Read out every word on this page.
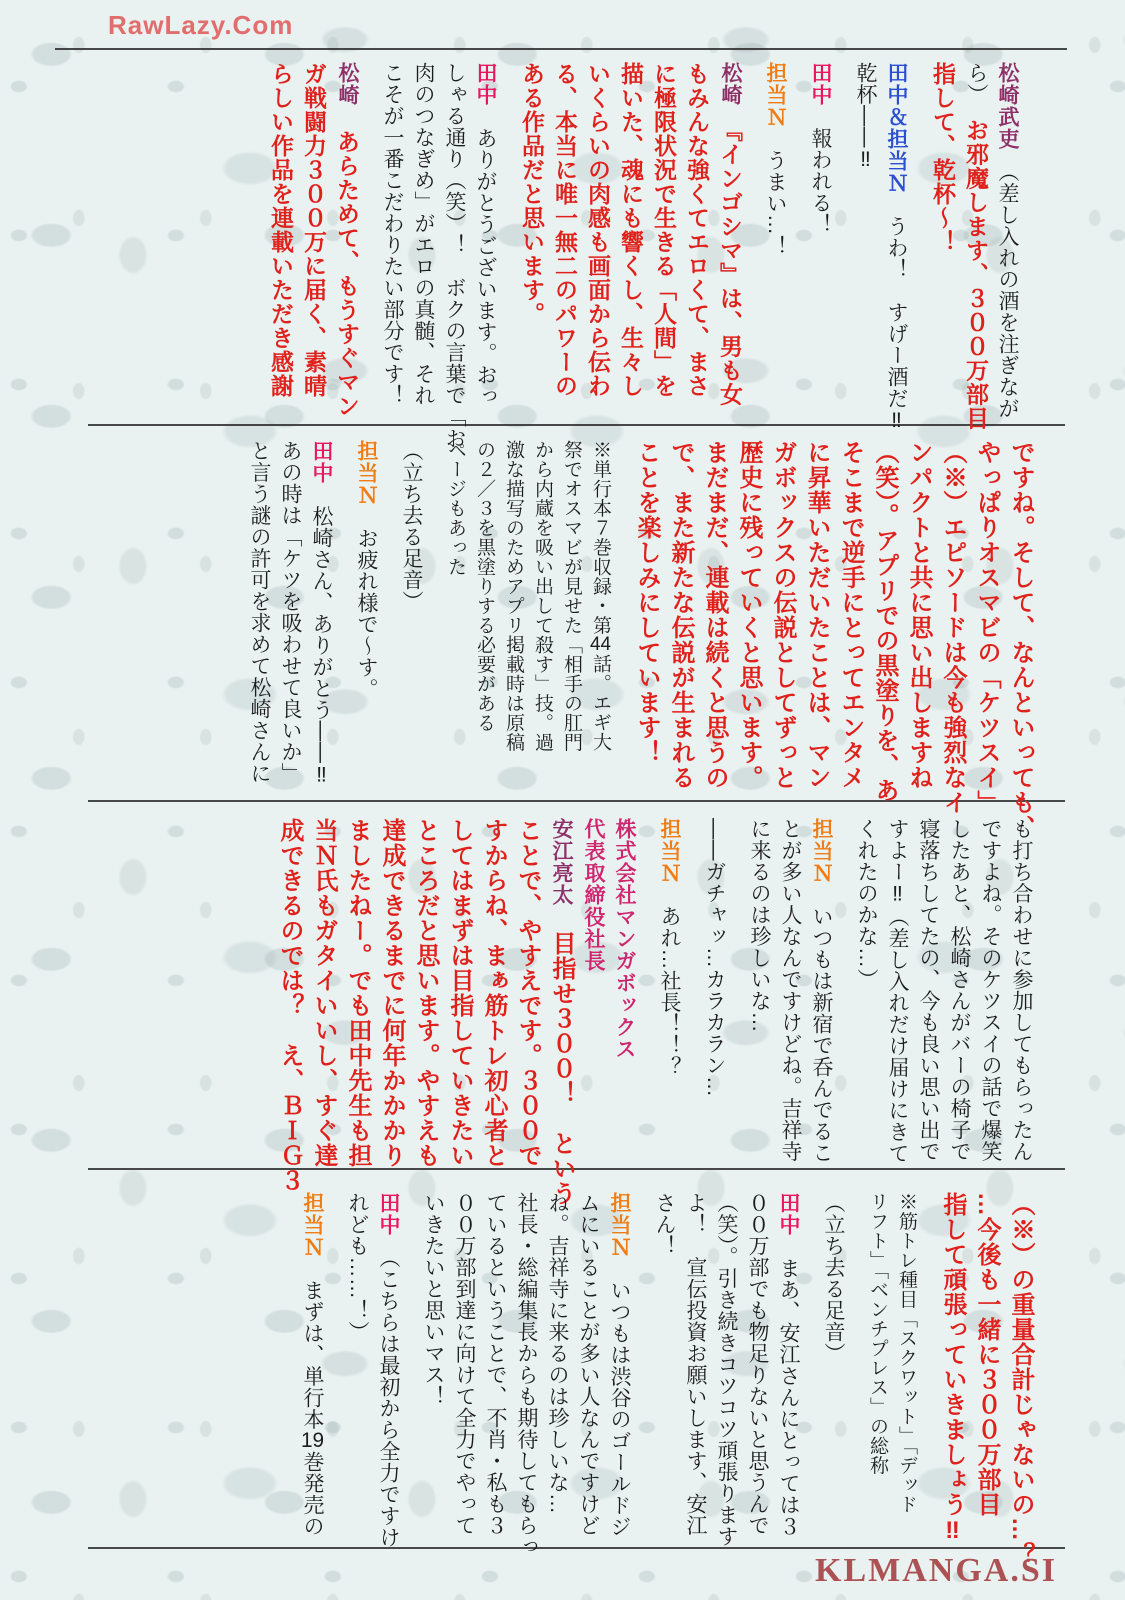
RawLazy.Com
松崎武吏　（差し入れの酒を注ぎなが
ら）　お邪魔します、３００万部目
指して、乾杯～！
田中＆担当Ｎ　うわ！　すげー酒だ‼
乾杯――‼
田中　報われる！
担当Ｎ　うまい…！
松崎　『インゴシマ』は、男も女
もみんな強くてエロくて、まさ
に極限状況で生きる「人間」を
描いた、魂にも響くし、生々し
いくらいの肉感も画面から伝わ
る、本当に唯一無二のパワーの
ある作品だと思います。
田中　ありがとうございます。おっ
しゃる通り（笑）！　ボクの言葉で「お
肉のつなぎめ」がエロの真髄、それ
こそが一番こだわりたい部分です！
松崎　あらためて、もうすぐマン
ガ戦闘力３００万に届く、素晴
らしい作品を連載いただき感謝
ですね。そして、なんといっても、
やっぱりオスマビの「ケツスイ」
（※）エピソードは今も強烈なイ
ンパクトと共に思い出しますね
（笑）。アプリでの黒塗りを、あ
そこまで逆手にとってエンタメ
に昇華いただいたことは、マン
ガボックスの伝説としてずっと
歴史に残っていくと思います。
まだまだ、連載は続くと思うの
で、また新たな伝説が生まれる
ことを楽しみにしています！
※単行本７巻収録・第44話。エギ大
祭でオスマビが見せた「相手の肛門
から内蔵を吸い出して殺す」技。過
激な描写のためアプリ掲載時は原稿
の２／３を黒塗りする必要がある
ページもあった
（立ち去る足音）
担当Ｎ　お疲れ様で～す。
田中　松崎さん、ありがとう――‼
あの時は「ケツを吸わせて良いか」
と言う謎の許可を求めて松崎さんに
も打ち合わせに参加してもらったん
ですよね。そのケツスイの話で爆笑
したあと、松崎さんがバーの椅子で
寝落ちしてたの、今も良い思い出で
すよー‼（差し入れだけ届けにきて
くれたのかな…）
担当Ｎ　いつもは新宿で呑んでるこ
とが多い人なんですけどね。吉祥寺
に来るのは珍しいな…
――ガチャッ…カラカラン…
担当Ｎ　あれ…社長！！？
株式会社マンガボックス
代表取締役社長
安江亮太　目指せ３００！　という
ことで、やすえです。３００で
すからね、まぁ筋トレ初心者と
してはまずは目指していきたい
ところだと思います。やすえも
達成できるまでに何年かかかり
ましたねー。でも田中先生も担
当Ｎ氏もガタイいいし、すぐ達
成できるのでは？　え、ＢＩＧ３
（※）の重量合計じゃないの…？
…今後も一緒に３００万部目
指して頑張っていきましょう‼
※筋トレ種目「スクワット」「デッド
リフト」「ベンチプレス」の総称
（立ち去る足音）
田中　まあ、安江さんにとっては３
００万部でも物足りないと思うんで
（笑）。引き続きコツコツ頑張ります
よ！　宣伝投資お願いします、安江
さん！
担当Ｎ　いつもは渋谷のゴールドジ
ムにいることが多い人なんですけど
ね。吉祥寺に来るのは珍しいな…
社長・総編集長からも期待してもらっ
ているということで、不肖・私も３
００万部到達に向けて全力でやって
いきたいと思いマス！
田中　（こちらは最初から全力ですけ
れども……！）
担当Ｎ　まずは、単行本19巻発売の
KLMANGA.SI
